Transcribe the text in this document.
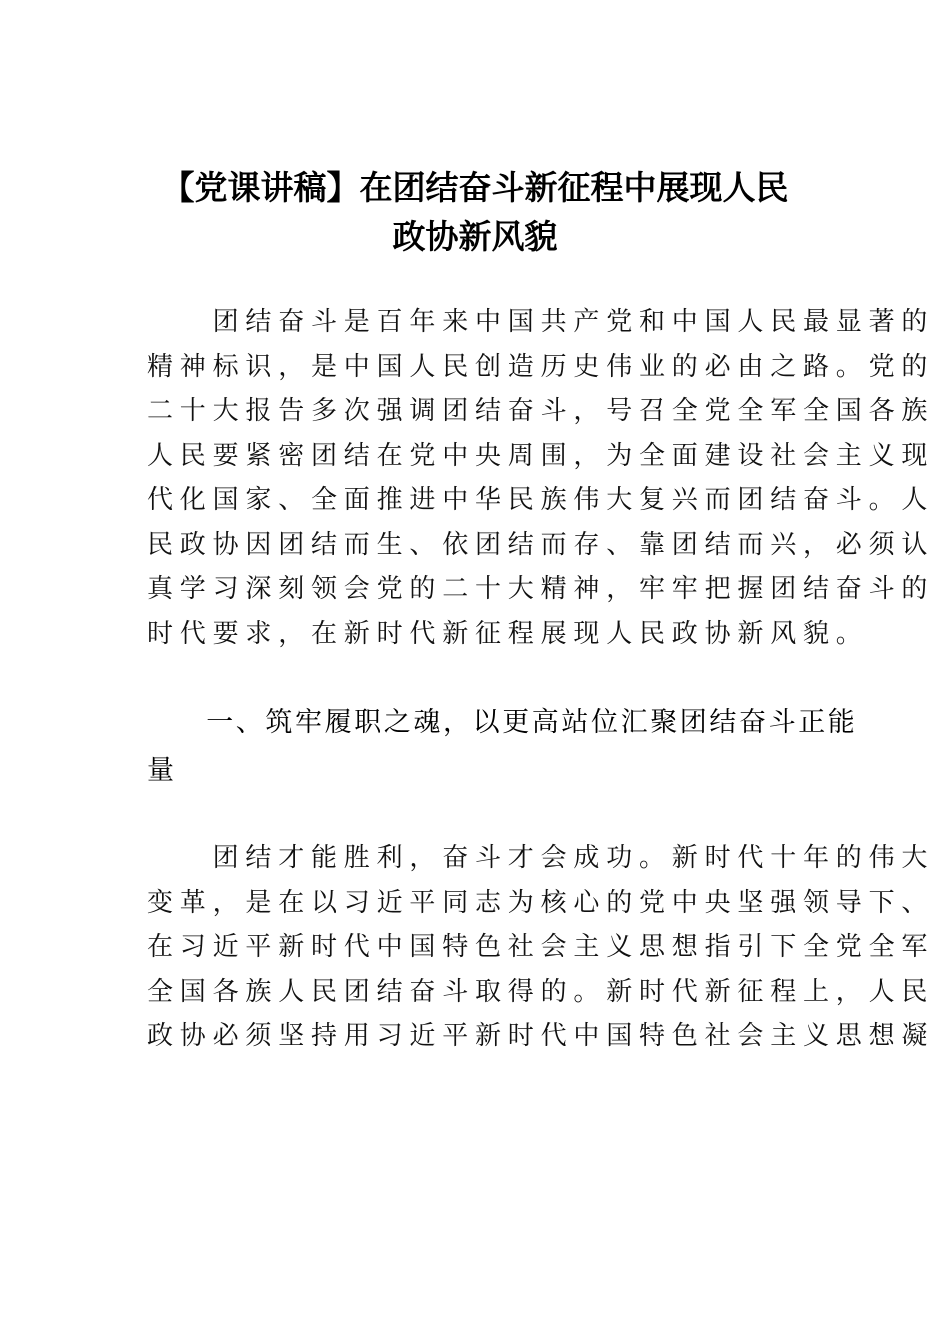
【党课讲稿】在团结奋斗新征程中展现人民
政协新风貌
　　团结奋斗是百年来中国共产党和中国人民最显著的
精神标识，是中国人民创造历史伟业的必由之路。党的
二十大报告多次强调团结奋斗，号召全党全军全国各族
人民要紧密团结在党中央周围，为全面建设社会主义现
代化国家、全面推进中华民族伟大复兴而团结奋斗。人
民政协因团结而生、依团结而存、靠团结而兴，必须认
真学习深刻领会党的二十大精神，牢牢把握团结奋斗的
时代要求，在新时代新征程展现人民政协新风貌。
　　一、筑牢履职之魂，以更高站位汇聚团结奋斗正能
量
　　团结才能胜利，奋斗才会成功。新时代十年的伟大
变革，是在以习近平同志为核心的党中央坚强领导下、
在习近平新时代中国特色社会主义思想指引下全党全军
全国各族人民团结奋斗取得的。新时代新征程上，人民
政协必须坚持用习近平新时代中国特色社会主义思想凝
